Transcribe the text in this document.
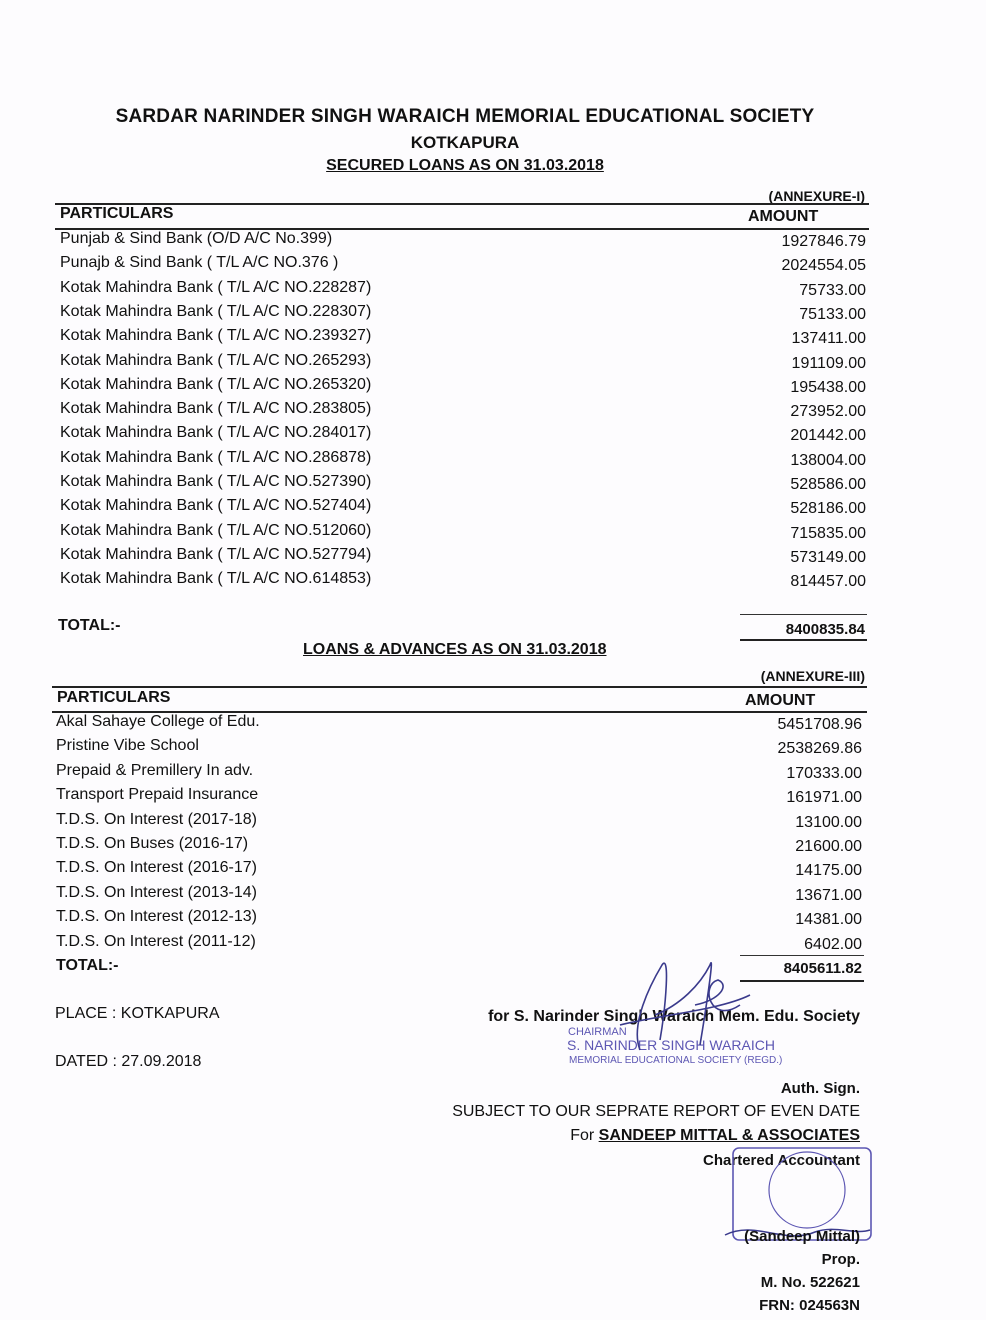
SARDAR NARINDER SINGH WARAICH MEMORIAL EDUCATIONAL SOCIETY
KOTKAPURA
SECURED LOANS AS ON 31.03.2018
(ANNEXURE-I)
PARTICULARS	AMOUNT
Punjab & Sind Bank (O/D A/C No.399)	1927846.79
Punajb & Sind Bank ( T/L A/C NO.376 )	2024554.05
Kotak Mahindra Bank ( T/L A/C NO.228287)	75733.00
Kotak Mahindra Bank ( T/L A/C NO.228307)	75133.00
Kotak Mahindra Bank ( T/L A/C NO.239327)	137411.00
Kotak Mahindra Bank ( T/L A/C NO.265293)	191109.00
Kotak Mahindra Bank ( T/L A/C NO.265320)	195438.00
Kotak Mahindra Bank ( T/L A/C NO.283805)	273952.00
Kotak Mahindra Bank ( T/L A/C NO.284017)	201442.00
Kotak Mahindra Bank ( T/L A/C NO.286878)	138004.00
Kotak Mahindra Bank ( T/L A/C NO.527390)	528586.00
Kotak Mahindra Bank ( T/L A/C NO.527404)	528186.00
Kotak Mahindra Bank ( T/L A/C NO.512060)	715835.00
Kotak Mahindra Bank ( T/L A/C NO.527794)	573149.00
Kotak Mahindra Bank ( T/L A/C NO.614853)	814457.00
TOTAL:-	8400835.84
LOANS & ADVANCES AS ON 31.03.2018
(ANNEXURE-III)
PARTICULARS	AMOUNT
Akal Sahaye College of Edu.	5451708.96
Pristine Vibe School	2538269.86
Prepaid & Premillery In adv.	170333.00
Transport Prepaid Insurance	161971.00
T.D.S. On Interest (2017-18)	13100.00
T.D.S. On Buses (2016-17)	21600.00
T.D.S. On Interest (2016-17)	14175.00
T.D.S. On Interest (2013-14)	13671.00
T.D.S. On Interest (2012-13)	14381.00
T.D.S. On Interest (2011-12)	6402.00
TOTAL:-	8405611.82
PLACE : KOTKAPURA
DATED : 27.09.2018
for S. Narinder Singh Waraich Mem. Edu. Society
CHAIRMAN
S. NARINDER SINGH WARAICH
MEMORIAL EDUCATIONAL SOCIETY (REGD.)
Auth. Sign.
SUBJECT TO OUR SEPRATE REPORT OF EVEN DATE
For SANDEEP MITTAL & ASSOCIATES
Chartered Accountant
(Sandeep Mittal)
Prop.
M. No. 522621
FRN: 024563N
